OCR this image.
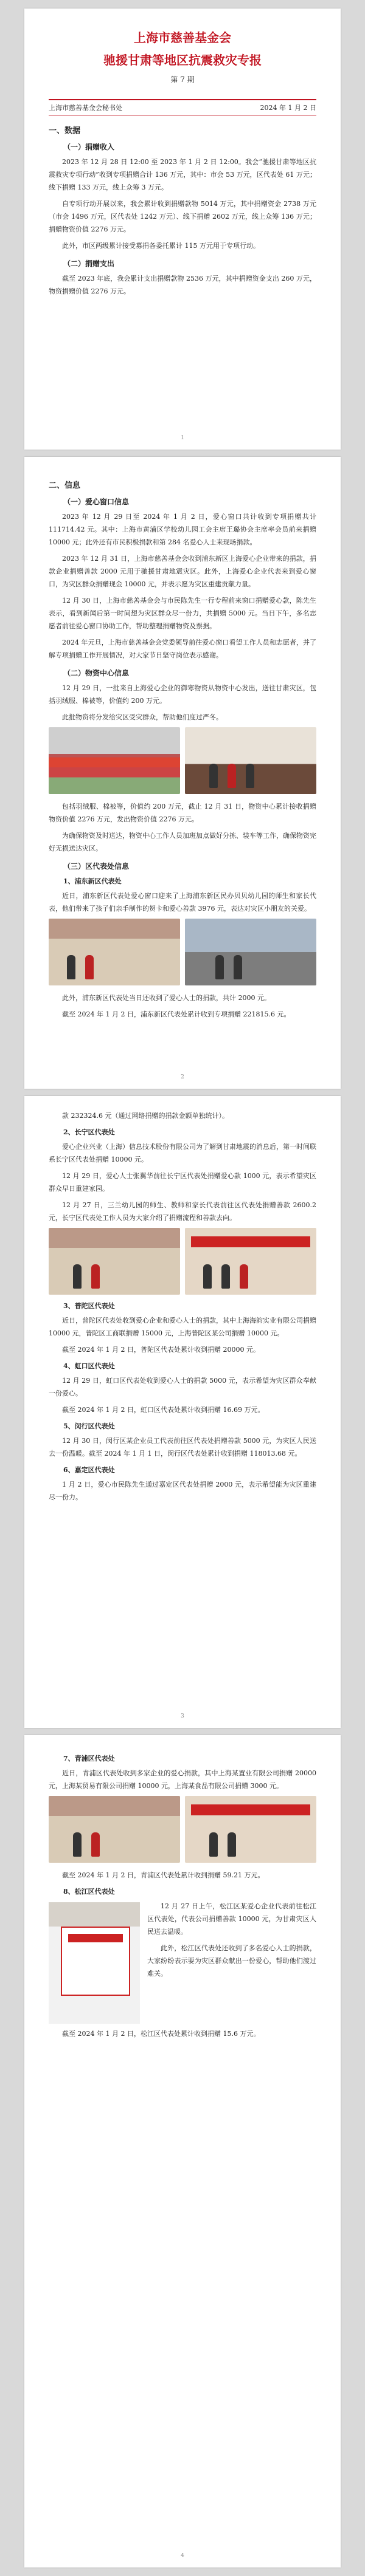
上海市慈善基金会
驰援甘肃等地区抗震救灾专报
第 7 期
上海市慈善基金会秘书处	2024 年 1 月 2 日
一、数据
（一）捐赠收入

2023 年 12 月 28 日 12:00 至 2023 年 1 月 2 日 12:00。我会“驰援甘肃等地区抗震救灾专项行动”收到专项捐赠合计 136 万元，其中：市会 53 万元，区代表处 61 万元；线下捐赠 133 万元，线上众筹 3 万元。

自专项行动开展以来，我会累计收到捐赠款物 5014 万元，其中捐赠资金 2738 万元（市会 1496 万元，区代表处 1242 万元）、线下捐赠 2602 万元，线上众筹 136 万元；捐赠物资价值 2276 万元。

此外，市区两级累计接受募捐各委托累计 115 万元用于专项行动。

（二）捐赠支出

截至 2023 年底，我会累计支出捐赠款物 2536 万元，其中捐赠资金支出 260 万元，物资捐赠价值 2276 万元。

1
二、信息
（一）爱心窗口信息

2023 年 12 月 29 日至 2024 年 1 月 2 日，爱心窗口共计收到专项捐赠共计 111714.42 元。其中：上海市黄浦区学校幼儿园工会主席王璐协会主席率会员前来捐赠 10000 元；此外还有市民积极捐款和第 284 名爱心人士来现场捐款。

2023 年 12 月 31 日，上海市慈善基金会收到浦东新区上海爱心企业带来的捐款，捐款企业捐赠善款 2000 元用于驰援甘肃地震灾区。此外，上海爱心企业代表来到爱心窗口，为灾区群众捐赠现金 10000 元，并表示愿为灾区重建贡献力量。

12 月 30 日，上海市慈善基金会与市民陈先生一行专程前来窗口捐赠爱心款，陈先生表示，看到新闻后第一时间想为灾区群众尽一份力，共捐赠 5000 元。当日下午，多名志愿者前往爱心窗口协助工作，帮助整理捐赠物资及票据。

2024 年元旦，上海市慈善基金会党委领导前往爱心窗口看望工作人员和志愿者，并了解专项捐赠工作开展情况，对大家节日坚守岗位表示感谢。

（二）物资中心信息

12 月 29 日，一批来自上海爱心企业的御寒物资从物资中心发出，送往甘肃灾区，包括羽绒服、棉被等，价值约 200 万元。

此批物资将分发给灾区受灾群众，帮助他们度过严冬。

包括羽绒服、棉被等，价值约 200 万元，截止 12 月 31 日，物资中心累计接收捐赠物资价值 2276 万元，发出物资价值 2276 万元。

为确保物资及时送达，物资中心工作人员加班加点做好分拣、装车等工作，确保物资完好无损送达灾区。

（三）区代表处信息
1、浦东新区代表处

近日，浦东新区代表处爱心窗口迎来了上海浦东新区民办贝贝幼儿园的师生和家长代表，他们带来了孩子们亲手制作的贺卡和爱心善款 3976 元，表达对灾区小朋友的关爱。

此外，浦东新区代表处当日还收到了爱心人士的捐款，共计 2000 元。

截至 2024 年 1 月 2 日，浦东新区代表处累计收到专项捐赠 221815.6 元。

2

款 232324.6 元（通过网络捐赠的捐款金额单独统计）。

2、长宁区代表处

爱心企业兴业（上海）信息技术股份有限公司为了解到甘肃地震的消息后，第一时间联系长宁区代表处捐赠 10000 元。

12 月 29 日，爱心人士张翼华前往长宁区代表处捐赠爱心款 1000 元，表示希望灾区群众早日重建家园。

12 月 27 日，三兰幼儿园的师生、教师和家长代表前往区代表处捐赠善款 2600.2 元，长宁区代表处工作人员为大家介绍了捐赠流程和善款去向。

3、普陀区代表处

近日，普陀区代表处收到爱心企业和爱心人士的捐款，其中上海海韵实业有限公司捐赠 10000 元，普陀区工商联捐赠 15000 元，上海普陀区某公司捐赠 10000 元。

截至 2024 年 1 月 2 日，普陀区代表处累计收到捐赠 20000 元。

4、虹口区代表处

12 月 29 日，虹口区代表处收到爱心人士的捐款 5000 元，表示希望为灾区群众奉献一份爱心。

截至 2024 年 1 月 2 日，虹口区代表处累计收到捐赠 16.69 万元。

5、闵行区代表处

12 月 30 日，闵行区某企业员工代表前往区代表处捐赠善款 5000 元，为灾区人民送去一份温暖。截至 2024 年 1 月 1 日，闵行区代表处累计收到捐赠 118013.68 元。

6、嘉定区代表处

1 月 2 日，爱心市民陈先生通过嘉定区代表处捐赠 2000 元，表示希望能为灾区重建尽一份力。

3
7、青浦区代表处

近日，青浦区代表处收到多家企业的爱心捐款，其中上海某置业有限公司捐赠 20000 元，上海某贸易有限公司捐赠 10000 元，上海某食品有限公司捐赠 3000 元。

截至 2024 年 1 月 2 日，青浦区代表处累计收到捐赠 59.21 万元。

8、松江区代表处

12 月 27 日上午，松江区某爱心企业代表前往松江区代表处，代表公司捐赠善款 10000 元，为甘肃灾区人民送去温暖。

此外，松江区代表处还收到了多名爱心人士的捐款，大家纷纷表示要为灾区群众献出一份爱心，帮助他们渡过难关。

截至 2024 年 1 月 2 日，松江区代表处累计收到捐赠 15.6 万元。

4
